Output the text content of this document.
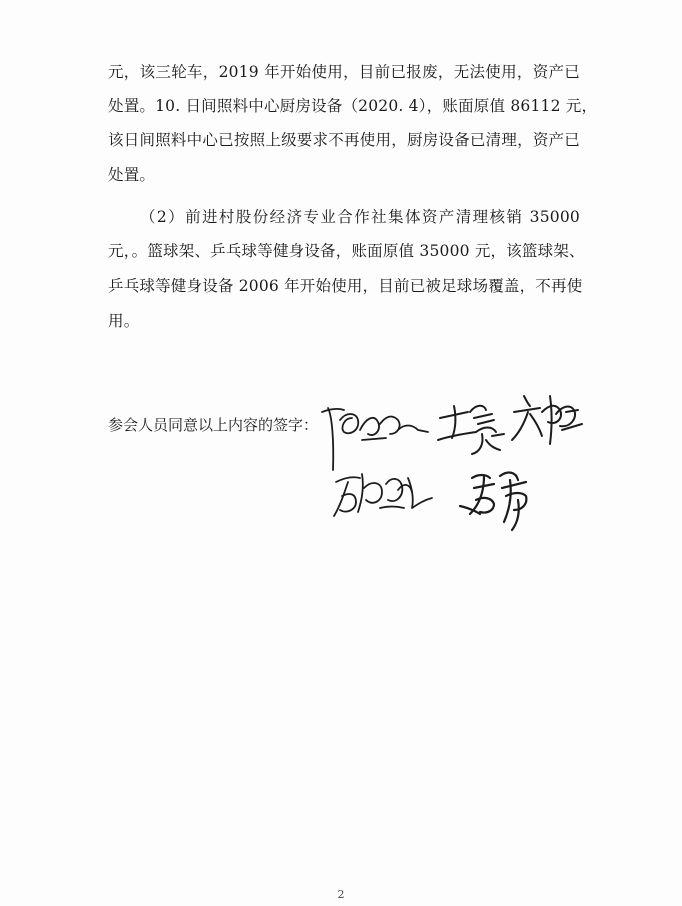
元，该三轮车，2019 年开始使用，目前已报废，无法使用，资产已
处置。10. 日间照料中心厨房设备（2020. 4），账面原值 86112 元，
该日间照料中心已按照上级要求不再使用，厨房设备已清理，资产已
处置。
（2）前进村股份经济专业合作社集体资产清理核销 35000
元，。篮球架、乒乓球等健身设备，账面原值 35000 元，该篮球架、
乒乓球等健身设备 2006 年开始使用，目前已被足球场覆盖，不再使
用。
参会人员同意以上内容的签字：
2
